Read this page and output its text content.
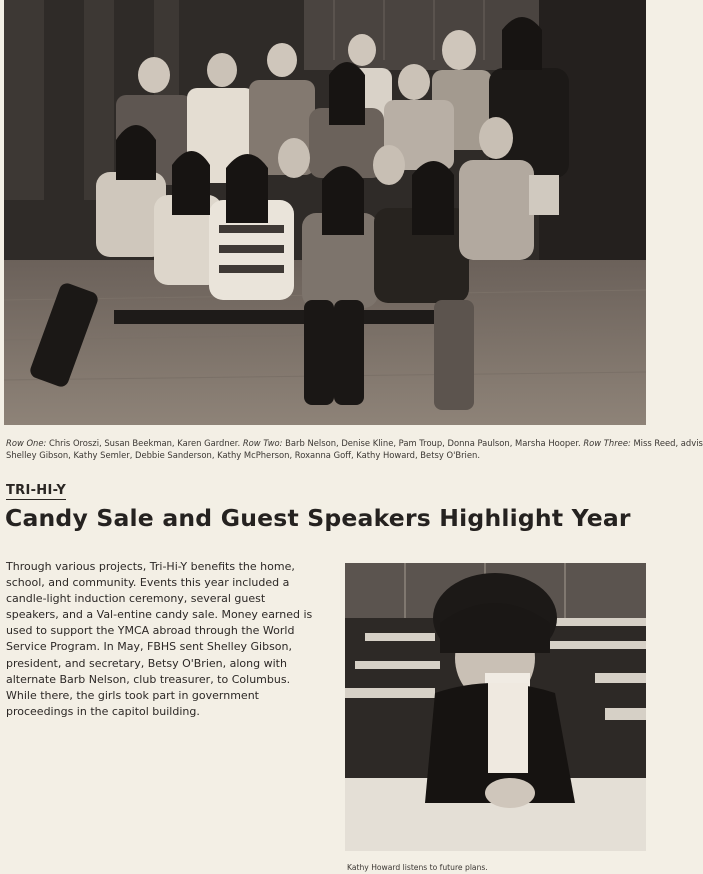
Row One: Chris Oroszi, Susan Beekman, Karen Gardner. Row Two: Barb Nelson, Denise Kline, Pam Troup, Donna Paulson, Marsha Hooper. Row Three: Miss Reed, advis
Shelley Gibson, Kathy Semler, Debbie Sanderson, Kathy McPherson, Roxanna Goff, Kathy Howard, Betsy O'Brien.
TRI-HI-Y
Candy Sale and Guest Speakers Highlight Year
Through various projects, Tri-Hi-Y benefits the home, school, and community. Events this year included a candle-light induction ceremony, several guest speakers, and a Val-entine candy sale. Money earned is used to support the YMCA abroad through the World Service Program. In May, FBHS sent Shelley Gibson, president, and secretary, Betsy O'Brien, along with alternate Barb Nelson, club treasurer, to Columbus. While there, the girls took part in government proceedings in the capitol building.
Kathy Howard listens to future plans.
